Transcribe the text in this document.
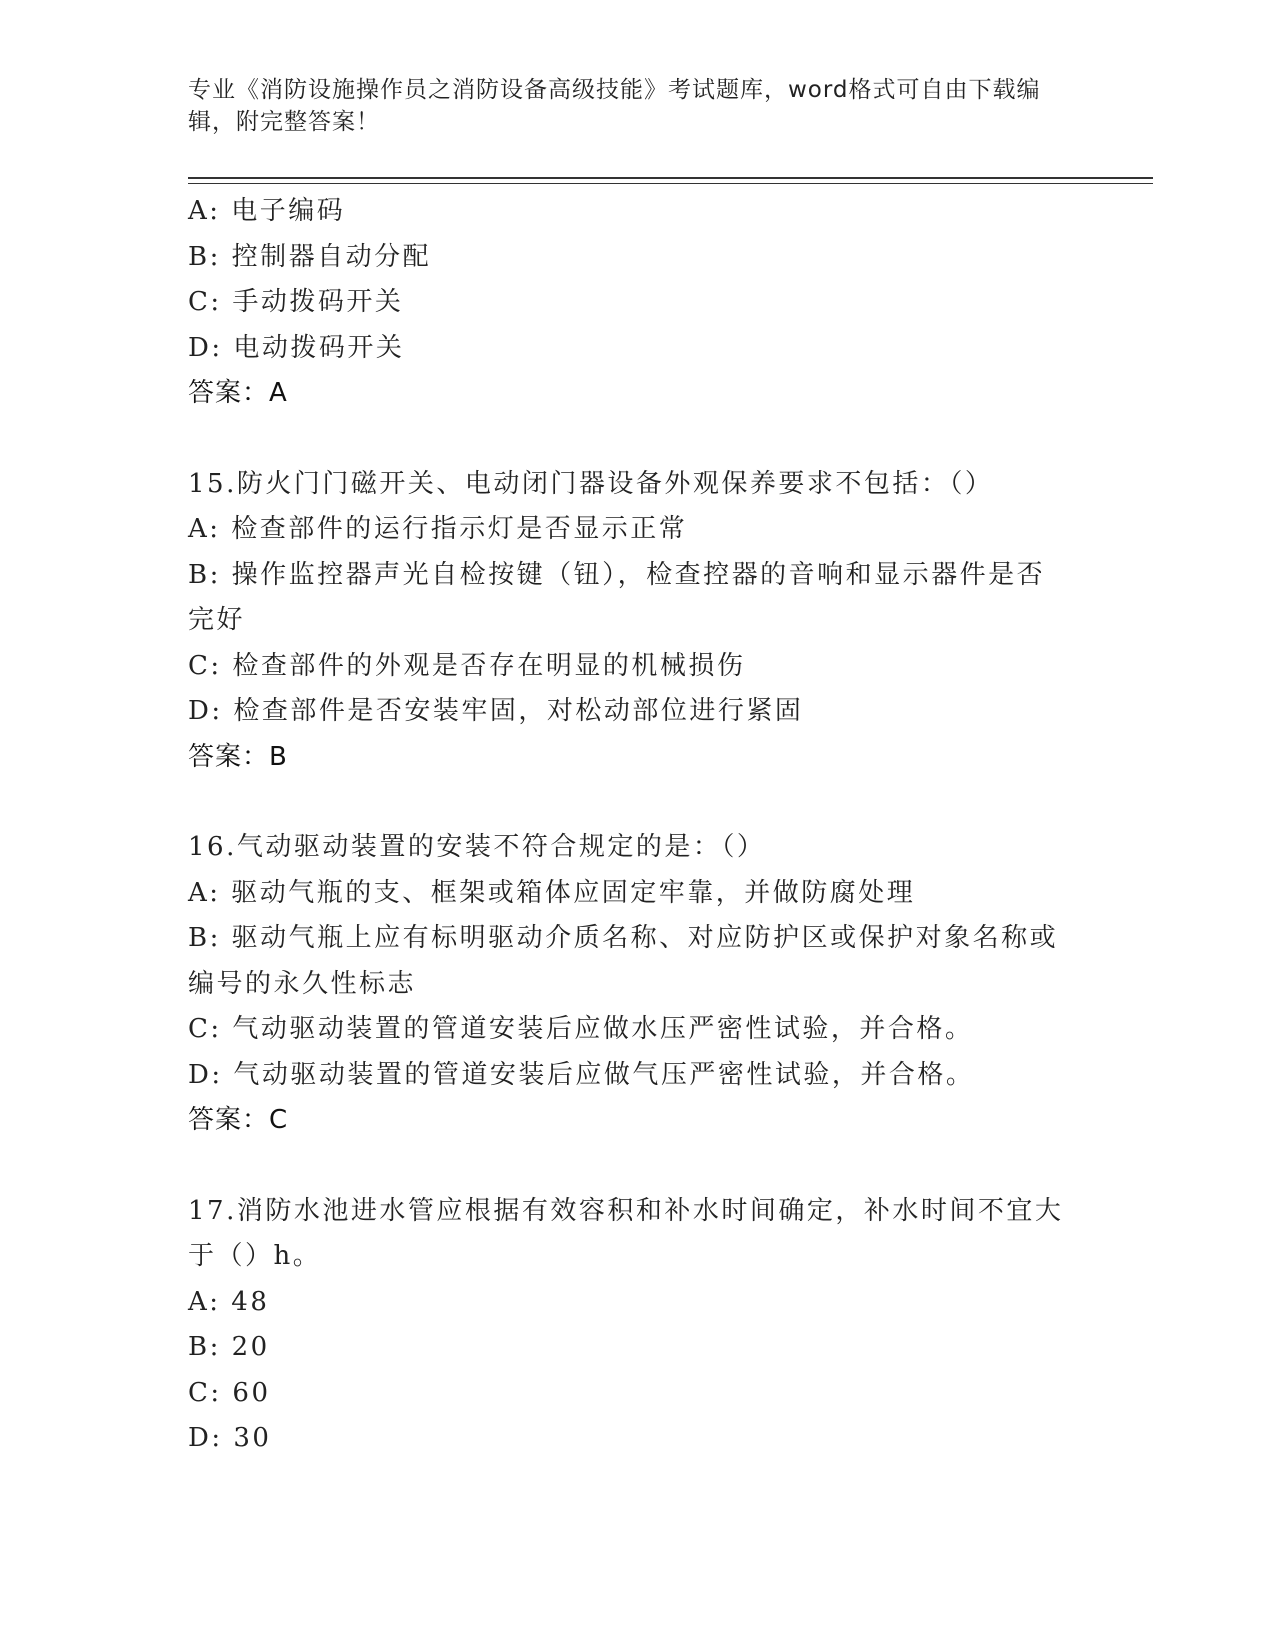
专业《消防设施操作员之消防设备高级技能》考试题库，word格式可自由下载编辑，附完整答案！

A: 电子编码

B: 控制器自动分配

C: 手动拨码开关

D: 电动拨码开关

答案：A

15.防火门门磁开关、电动闭门器设备外观保养要求不包括：（）

A: 检查部件的运行指示灯是否显示正常

B: 操作监控器声光自检按键（钮），检查控器的音响和显示器件是否完好

C: 检查部件的外观是否存在明显的机械损伤

D: 检查部件是否安装牢固，对松动部位进行紧固

答案：B

16.气动驱动装置的安装不符合规定的是：（）

A: 驱动气瓶的支、框架或箱体应固定牢靠，并做防腐处理

B: 驱动气瓶上应有标明驱动介质名称、对应防护区或保护对象名称或编号的永久性标志

C: 气动驱动装置的管道安装后应做水压严密性试验，并合格。

D: 气动驱动装置的管道安装后应做气压严密性试验，并合格。

答案：C

17.消防水池进水管应根据有效容积和补水时间确定，补水时间不宜大于（）h。

A: 48

B: 20

C: 60

D: 30
